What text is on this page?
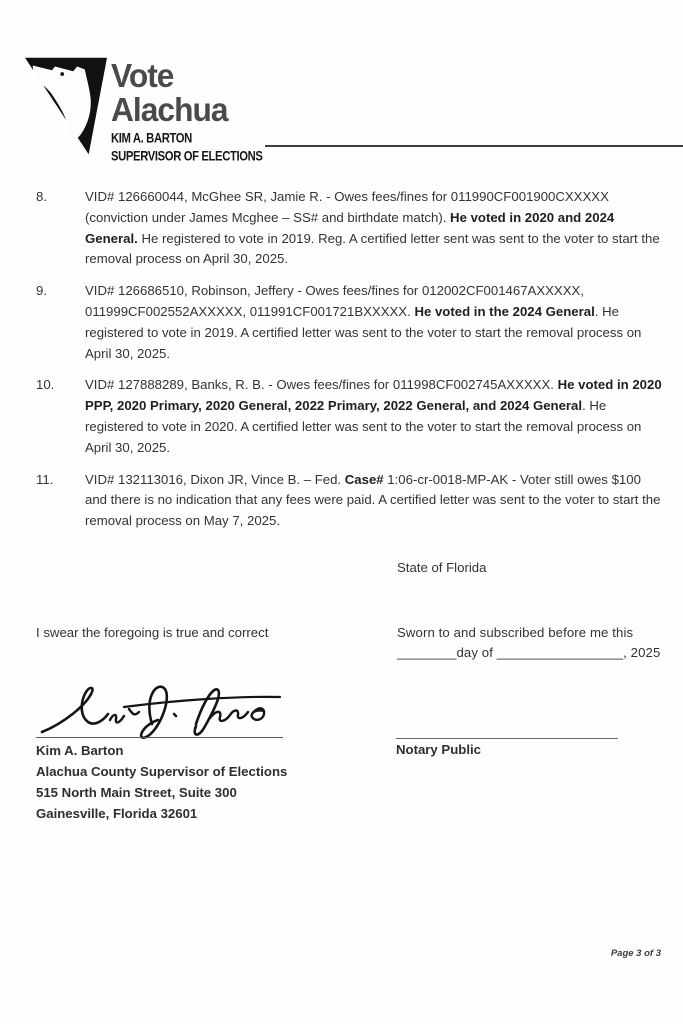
Vote
Alachua
KIM A. BARTON
SUPERVISOR OF ELECTIONS
8.	VID# 126660044, McGhee SR, Jamie R. - Owes fees/fines for 011990CF001900CXXXXX (conviction under James Mcghee – SS# and birthdate match). He voted in 2020 and 2024 General. He registered to vote in 2019. Reg. A certified letter sent was sent to the voter to start the removal process on April 30, 2025.
9.	VID# 126686510, Robinson, Jeffery - Owes fees/fines for 012002CF001467AXXXXX, 011999CF002552AXXXXX, 011991CF001721BXXXXX. He voted in the 2024 General. He registered to vote in 2019. A certified letter was sent to the voter to start the removal process on April 30, 2025.
10.	VID# 127888289, Banks, R. B. - Owes fees/fines for 011998CF002745AXXXXX. He voted in 2020 PPP, 2020 Primary, 2020 General, 2022 Primary, 2022 General, and 2024 General. He registered to vote in 2020. A certified letter was sent to the voter to start the removal process on April 30, 2025.
11.	VID# 132113016, Dixon JR, Vince B. – Fed. Case# 1:06-cr-0018-MP-AK - Voter still owes $100 and there is no indication that any fees were paid. A certified letter was sent to the voter to start the removal process on May 7, 2025.
State of Florida
I swear the foregoing is true and correct	Sworn to and subscribed before me this
________day of _________________, 2025
Kim A. Barton
Alachua County Supervisor of Elections
515 North Main Street, Suite 300
Gainesville, Florida 32601
Notary Public
Page 3 of 3
